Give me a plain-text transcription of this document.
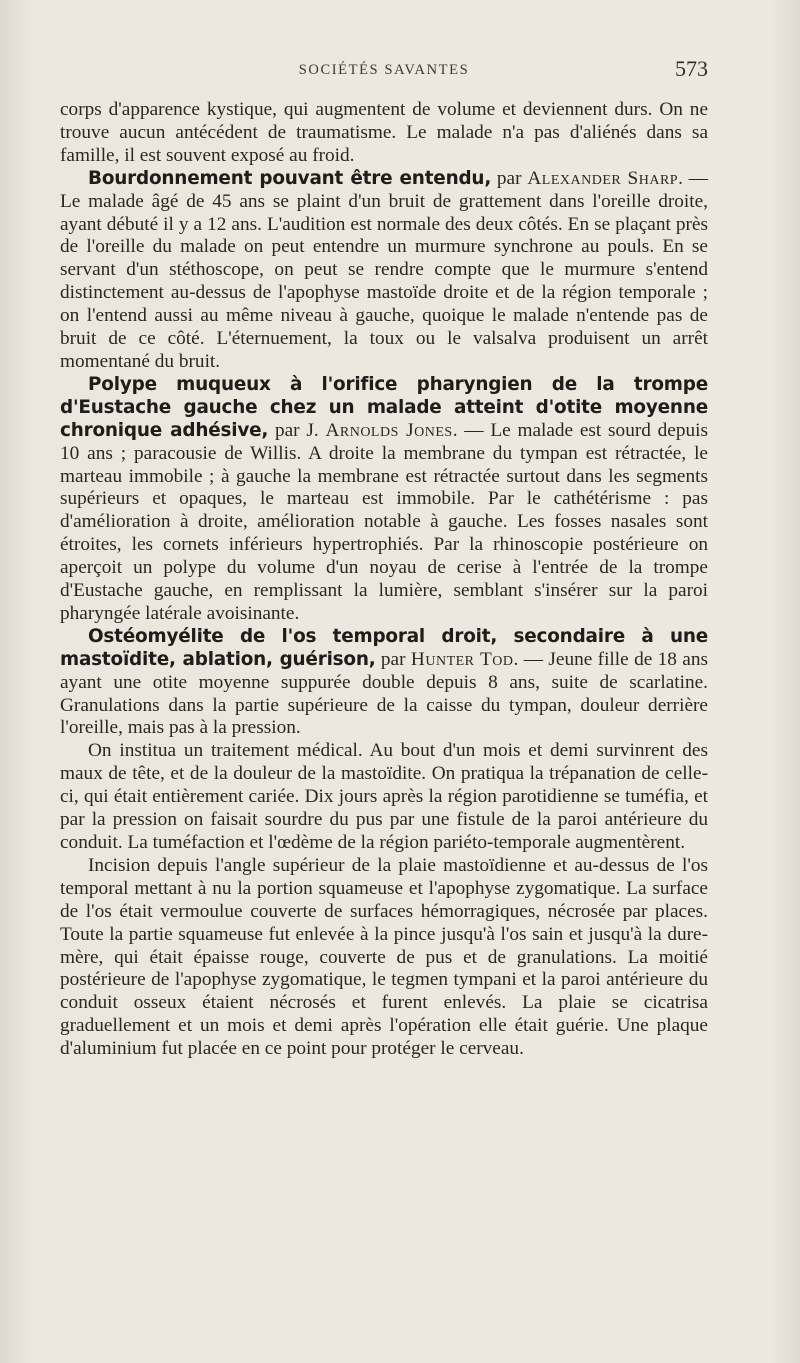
SOCIÉTÉS SAVANTES	573

corps d'apparence kystique, qui augmentent de volume et deviennent durs. On ne trouve aucun antécédent de traumatisme. Le malade n'a pas d'aliénés dans sa famille, il est souvent exposé au froid.

Bourdonnement pouvant être entendu, par Alexander Sharp. — Le malade âgé de 45 ans se plaint d'un bruit de grattement dans l'oreille droite, ayant débuté il y a 12 ans. L'audition est normale des deux côtés. En se plaçant près de l'oreille du malade on peut entendre un murmure synchrone au pouls. En se servant d'un stéthoscope, on peut se rendre compte que le murmure s'entend distinctement au-dessus de l'apophyse mastoïde droite et de la région temporale ; on l'entend aussi au même niveau à gauche, quoique le malade n'entende pas de bruit de ce côté. L'éternuement, la toux ou le valsalva produisent un arrêt momentané du bruit.

Polype muqueux à l'orifice pharyngien de la trompe d'Eustache gauche chez un malade atteint d'otite moyenne chronique adhésive, par J. Arnolds Jones. — Le malade est sourd depuis 10 ans ; paracousie de Willis. A droite la membrane du tympan est rétractée, le marteau immobile ; à gauche la membrane est rétractée surtout dans les segments supérieurs et opaques, le marteau est immobile. Par le cathétérisme : pas d'amélioration à droite, amélioration notable à gauche. Les fosses nasales sont étroites, les cornets inférieurs hypertrophiés. Par la rhinoscopie postérieure on aperçoit un polype du volume d'un noyau de cerise à l'entrée de la trompe d'Eustache gauche, en remplissant la lumière, semblant s'insérer sur la paroi pharyngée latérale avoisinante.

Ostéomyélite de l'os temporal droit, secondaire à une mastoïdite, ablation, guérison, par Hunter Tod. — Jeune fille de 18 ans ayant une otite moyenne suppurée double depuis 8 ans, suite de scarlatine. Granulations dans la partie supérieure de la caisse du tympan, douleur derrière l'oreille, mais pas à la pression.

On institua un traitement médical. Au bout d'un mois et demi survinrent des maux de tête, et de la douleur de la mastoïdite. On pratiqua la trépanation de celle-ci, qui était entièrement cariée. Dix jours après la région parotidienne se tuméfia, et par la pression on faisait sourdre du pus par une fistule de la paroi antérieure du conduit. La tuméfaction et l'œdème de la région pariéto-temporale augmentèrent.

Incision depuis l'angle supérieur de la plaie mastoïdienne et au-dessus de l'os temporal mettant à nu la portion squameuse et l'apophyse zygomatique. La surface de l'os était vermoulue couverte de surfaces hémorragiques, nécrosée par places. Toute la partie squameuse fut enlevée à la pince jusqu'à l'os sain et jusqu'à la dure-mère, qui était épaisse rouge, couverte de pus et de granulations. La moitié postérieure de l'apophyse zygomatique, le tegmen tympani et la paroi antérieure du conduit osseux étaient nécrosés et furent enlevés. La plaie se cicatrisa graduellement et un mois et demi après l'opération elle était guérie. Une plaque d'aluminium fut placée en ce point pour protéger le cerveau.
